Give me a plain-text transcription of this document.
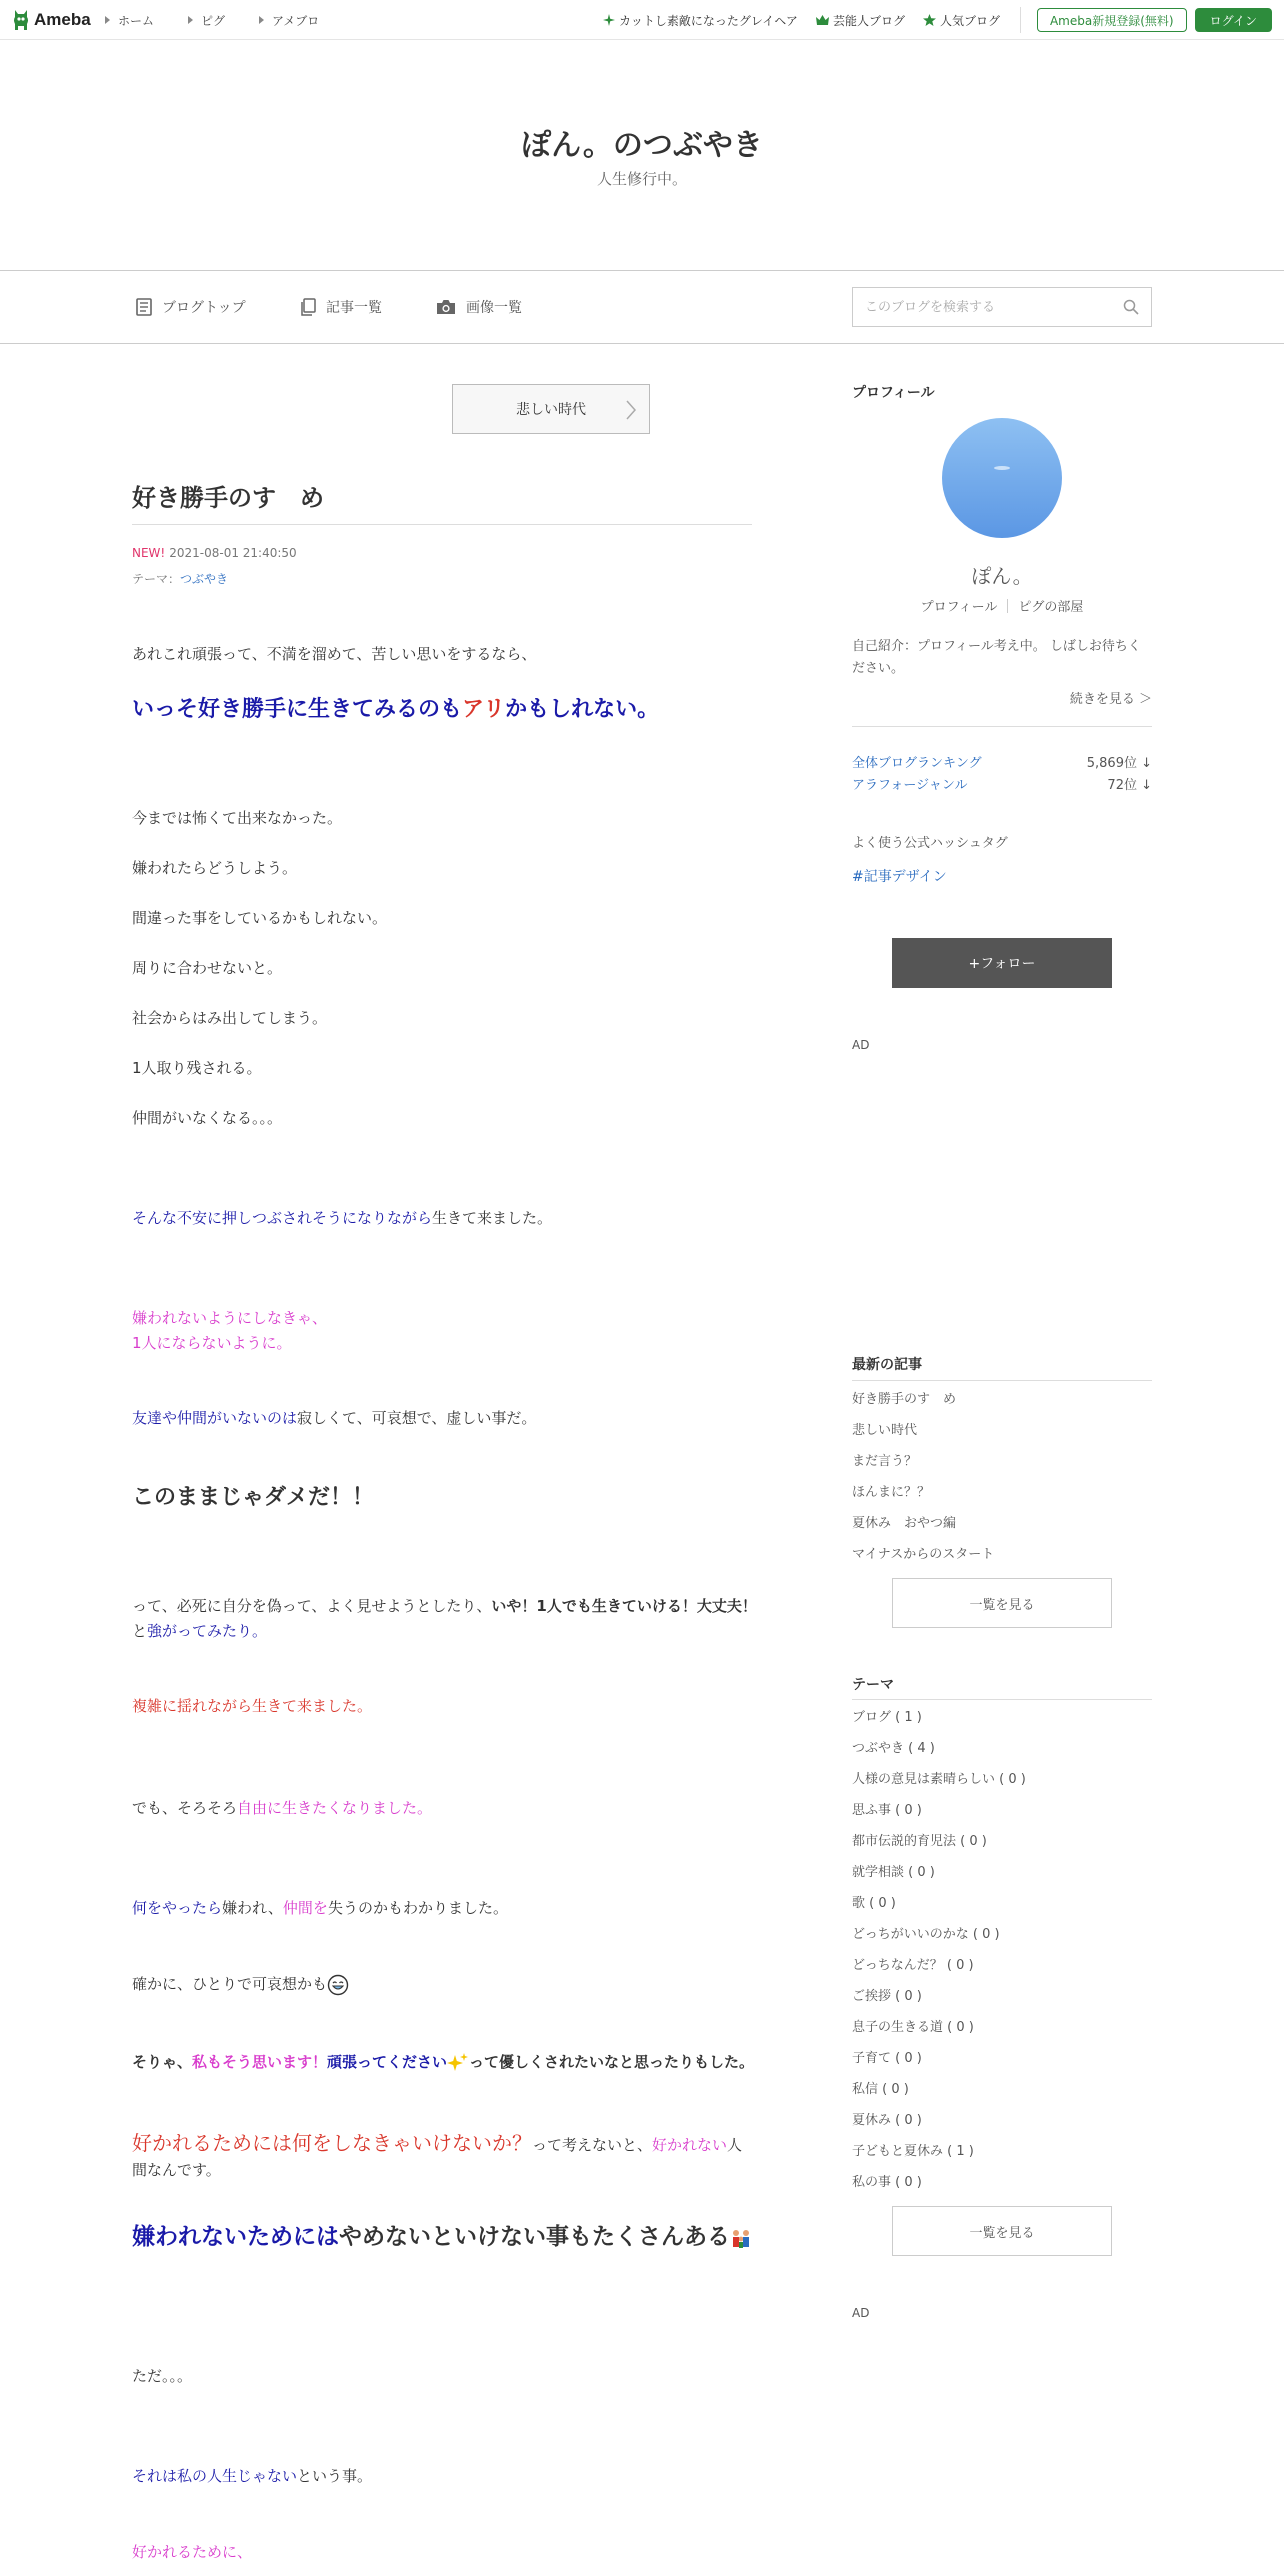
Ameba ホーム	ピグ	アメブロ	カットし素敵になったグレイヘア	芸能人ブログ	人気ブログ	Ameba新規登録(無料)	ログイン
ぽん。のつぶやき
人生修行中。
ブログトップ	記事一覧	画像一覧
このブログを検索する
悲しい時代
好き勝手のす　め
NEW! 2021-08-01 21:40:50
テーマ：つぶやき
あれこれ頑張って、不満を溜めて、苦しい思いをするなら、
いっそ好き勝手に生きてみるのもアリかもしれない。
今までは怖くて出来なかった。
嫌われたらどうしよう。
間違った事をしているかもしれない。
周りに合わせないと。
社会からはみ出してしまう。
1人取り残される。
仲間がいなくなる。。。
そんな不安に押しつぶされそうになりながら生きて来ました。
嫌われないようにしなきゃ、
1人にならないように。
友達や仲間がいないのは寂しくて、可哀想で、虚しい事だ。
このままじゃダメだ！！
って、必死に自分を偽って、よく見せようとしたり、いや！1人でも生きていける！大丈夫！と強がってみたり。
複雑に揺れながら生きて来ました。
でも、そろそろ自由に生きたくなりました。
何をやったら嫌われ、仲間を失うのかもわかりました。
確かに、ひとりで可哀想かも
そりゃ、私もそう思います！頑張ってください って優しくされたいなと思ったりもした。
好かれるためには何をしなきゃいけないか？って考えないと、好かれない人間なんです。
嫌われないためにはやめないといけない事もたくさんある
ただ。。。
それは私の人生じゃないという事。
好かれるために、
プロフィール
ぽん。
プロフィール ピグの部屋
自己紹介：プロフィール考え中。 しばしお待ちください。
続きを見る ＞
全体ブログランキング	5,869位 ↓
アラフォージャンル	72位 ↓
よく使う公式ハッシュタグ
#記事デザイン
+フォロー
AD
最新の記事
好き勝手のす　め
悲しい時代
まだ言う？
ほんまに？？
夏休み　おやつ編
マイナスからのスタート
一覧を見る
テーマ
ブログ ( 1 )
つぶやき ( 4 )
人様の意見は素晴らしい ( 0 )
思ふ事 ( 0 )
都市伝説的育児法 ( 0 )
就学相談 ( 0 )
歌 ( 0 )
どっちがいいのかな ( 0 )
どっちなんだ？ ( 0 )
ご挨拶 ( 0 )
息子の生きる道 ( 0 )
子育て ( 0 )
私信 ( 0 )
夏休み ( 0 )
子どもと夏休み ( 1 )
私の事 ( 0 )
一覧を見る
AD
